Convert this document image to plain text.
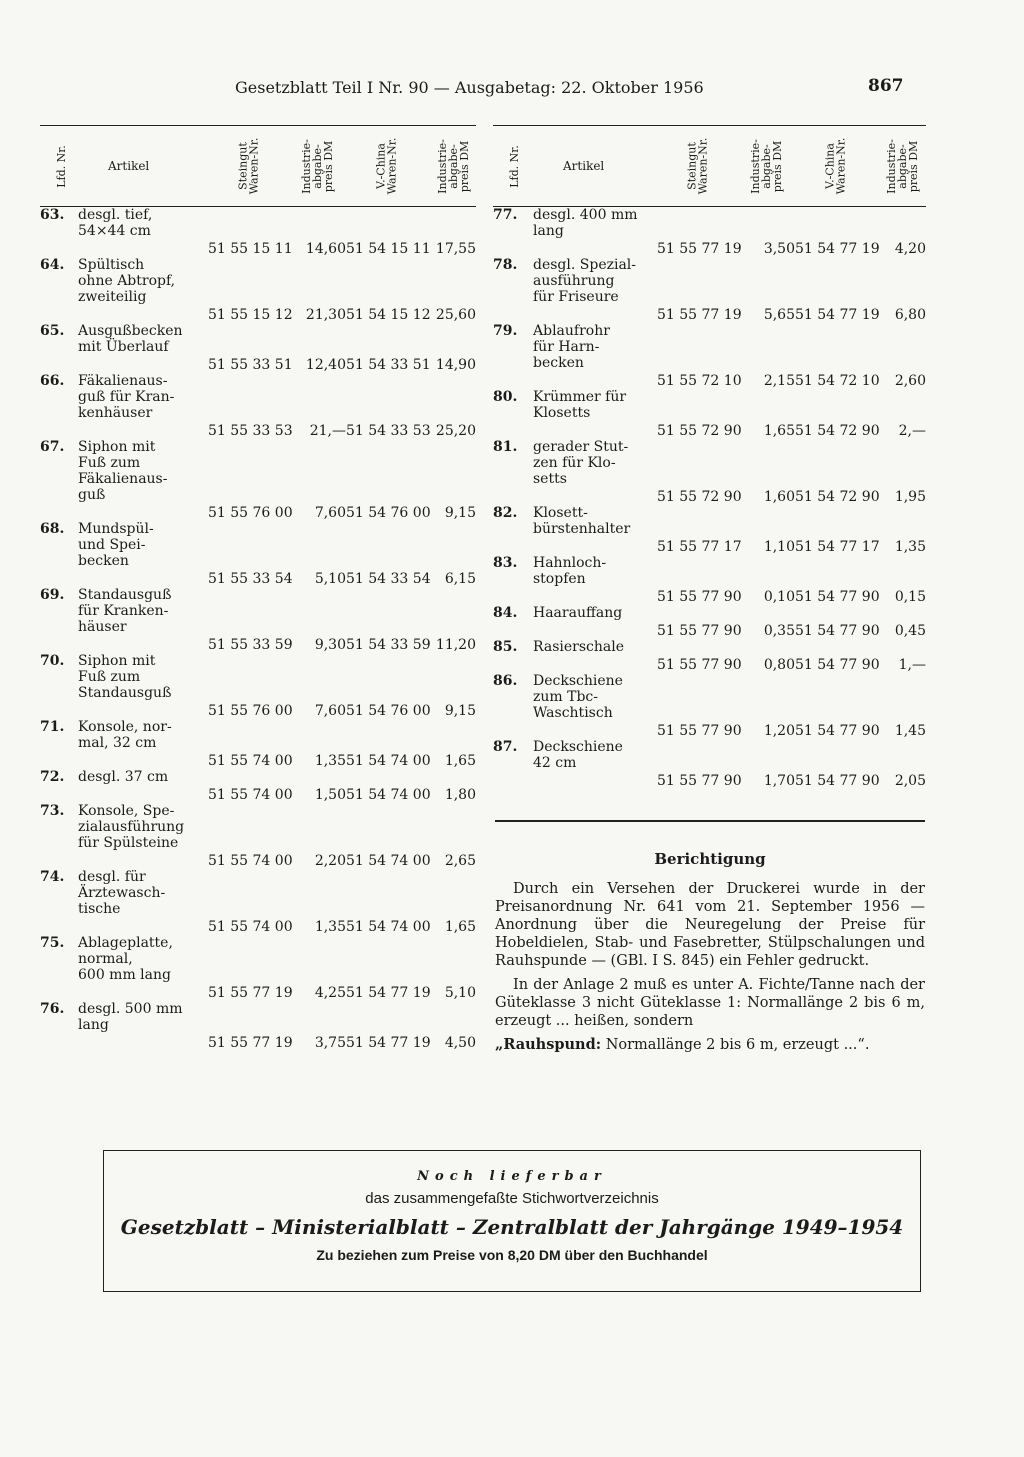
Gesetzblatt Teil I Nr. 90 — Ausgabetag: 22. Oktober 1956	867
Lfd. Nr.	Artikel	Steingut
Waren-Nr.	Industrie-
abgabe-
preis DM	V.-China
Waren-Nr.	Industrie-
abgabe-
preis DM
63.	desgl. tief,
54×44 cm	51 55 15 11	14,60	51 54 15 11	17,55
64.	Spültisch
ohne Abtropf,
zweiteilig	51 55 15 12	21,30	51 54 15 12	25,60
65.	Ausgußbecken
mit Überlauf	51 55 33 51	12,40	51 54 33 51	14,90
66.	Fäkalienaus-
guß für Kran-
kenhäuser	51 55 33 53	21,—	51 54 33 53	25,20
67.	Siphon mit
Fuß zum
Fäkalienaus-
guß	51 55 76 00	7,60	51 54 76 00	9,15
68.	Mundspül-
und Spei-
becken	51 55 33 54	5,10	51 54 33 54	6,15
69.	Standausguß
für Kranken-
häuser	51 55 33 59	9,30	51 54 33 59	11,20
70.	Siphon mit
Fuß zum
Standausguß	51 55 76 00	7,60	51 54 76 00	9,15
71.	Konsole, nor-
mal, 32 cm	51 55 74 00	1,35	51 54 74 00	1,65
72.	desgl. 37 cm	51 55 74 00	1,50	51 54 74 00	1,80
73.	Konsole, Spe-
zialausführung
für Spülsteine	51 55 74 00	2,20	51 54 74 00	2,65
74.	desgl. für
Ärztewasch-
tische	51 55 74 00	1,35	51 54 74 00	1,65
75.	Ablageplatte,
normal,
600 mm lang	51 55 77 19	4,25	51 54 77 19	5,10
76.	desgl. 500 mm
lang	51 55 77 19	3,75	51 54 77 19	4,50
Lfd. Nr.	Artikel	Steingut
Waren-Nr.	Industrie-
abgabe-
preis DM	V.-China
Waren-Nr.	Industrie-
abgabe-
preis DM
77.	desgl. 400 mm
lang	51 55 77 19	3,50	51 54 77 19	4,20
78.	desgl. Spezial-
ausführung
für Friseure	51 55 77 19	5,65	51 54 77 19	6,80
79.	Ablaufrohr
für Harn-
becken	51 55 72 10	2,15	51 54 72 10	2,60
80.	Krümmer für
Klosetts	51 55 72 90	1,65	51 54 72 90	2,—
81.	gerader Stut-
zen für Klo-
setts	51 55 72 90	1,60	51 54 72 90	1,95
82.	Klosett-
bürstenhalter	51 55 77 17	1,10	51 54 77 17	1,35
83.	Hahnloch-
stopfen	51 55 77 90	0,10	51 54 77 90	0,15
84.	Haarauffang	51 55 77 90	0,35	51 54 77 90	0,45
85.	Rasierschale	51 55 77 90	0,80	51 54 77 90	1,—
86.	Deckschiene
zum Tbc-
Waschtisch	51 55 77 90	1,20	51 54 77 90	1,45
87.	Deckschiene
42 cm	51 55 77 90	1,70	51 54 77 90	2,05
Berichtigung

Durch ein Versehen der Druckerei wurde in der Preisanordnung Nr. 641 vom 21. September 1956 — Anordnung über die Neuregelung der Preise für Hobeldielen, Stab- und Fasebretter, Stülpschalungen und Rauhspunde — (GBl. I S. 845) ein Fehler gedruckt.

In der Anlage 2 muß es unter A. Fichte/Tanne nach der Güteklasse 3 nicht Güteklasse 1: Normallänge 2 bis 6 m, erzeugt ... heißen, sondern

„Rauhspund: Normallänge 2 bis 6 m, erzeugt ...“.

Noch lieferbar
das zusammengefaßte Stichwortverzeichnis
Gesetzblatt – Ministerialblatt – Zentralblatt der Jahrgänge 1949–1954
Zu beziehen zum Preise von 8,20 DM über den Buchhandel
